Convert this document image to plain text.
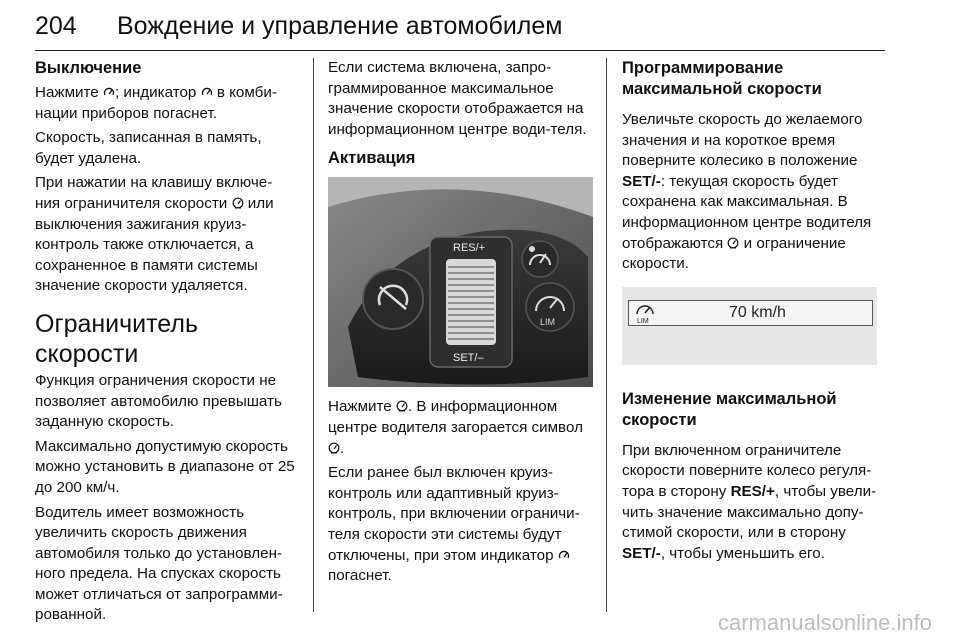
204 Вождение и управление автомобилем
Выключение

Нажмите ; индикатор  в комби-нации приборов погаснет.

Скорость, записанная в память, будет удалена.

При нажатии на клавишу включе-ния ограничителя скорости  или выключения зажигания круиз-контроль также отключается, а сохраненное в памяти системы значение скорости удаляется.

Ограничитель скорости

Функция ограничения скорости не позволяет автомобилю превышать заданную скорость.

Максимально допустимую скорость можно установить в диапазоне от 25 до 200 км/ч.

Водитель имеет возможность увеличить скорость движения автомобиля только до установлен-ного предела. На спусках скорость может отличаться от запрограмми-рованной.

Если система включена, запро-граммированное максимальное значение скорости отображается на информационном центре води-теля.

Активация
RES/+
SET/–
LIM

Нажмите . В информационном центре водителя загорается символ .

Если ранее был включен круиз-контроль или адаптивный круиз-контроль, при включении ограничи-теля скорости эти системы будут отключены, при этом индикатор  погаснет.

Программирование максимальной скорости

Увеличьте скорость до желаемого значения и на короткое время поверните колесико в положение SET/-: текущая скорость будет сохранена как максимальная. В информационном центре водителя отображаются  и ограничение скорости.

LIM
70 km/h
Изменение максимальной скорости

При включенном ограничителе скорости поверните колесо регуля-тора в сторону RES/+, чтобы увели-чить значение максимально допу-стимой скорости, или в сторону SET/-, чтобы уменьшить его.

carmanualsonline.info
